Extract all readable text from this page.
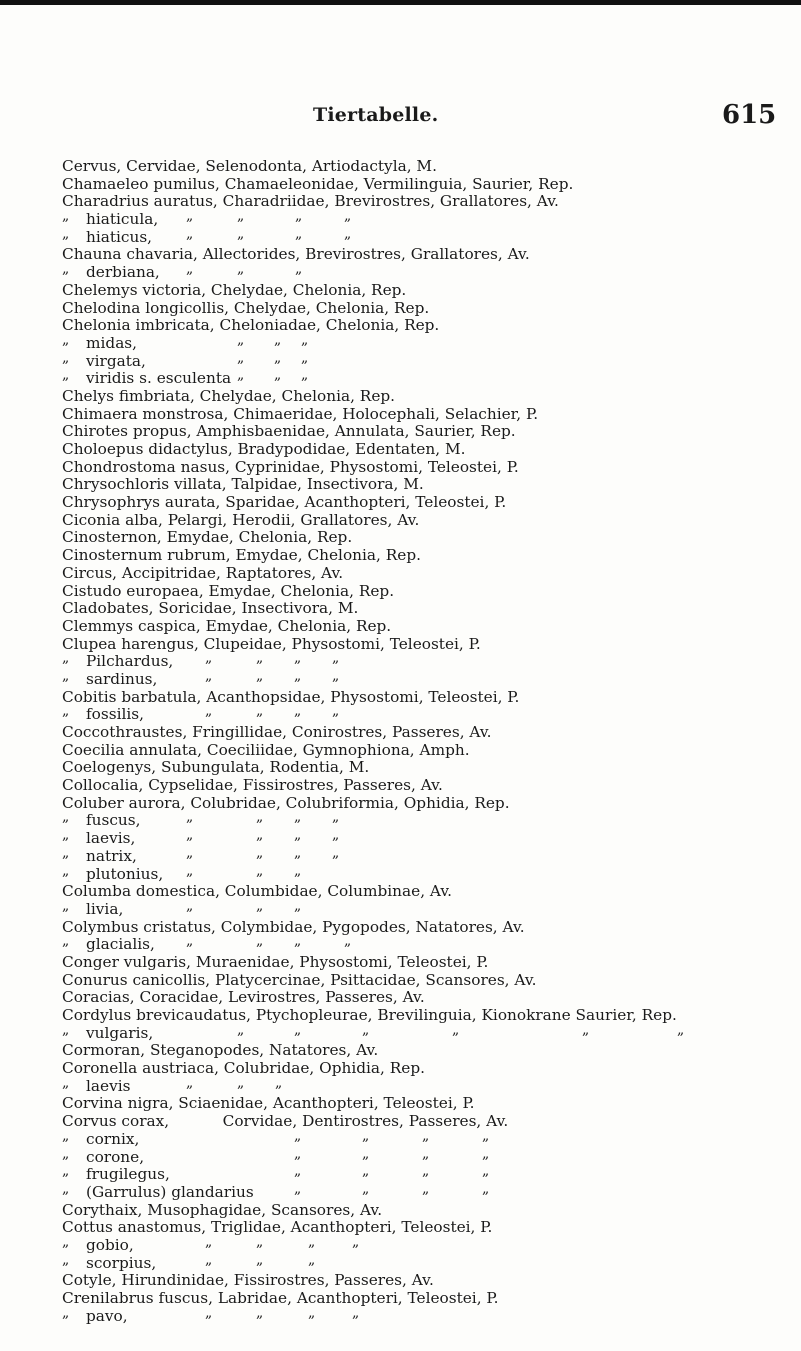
Tiertabelle.	615
Cervus, Cervidae, Selenodonta, Artiodactyla, M.
Chamaeleo pumilus, Chamaeleonidae, Vermilinguia, Saurier, Rep.
Charadrius auratus, Charadriidae, Brevirostres, Grallatores, Av.
„ hiaticula, „	„	„	„
„ hiaticus, „	„	„	„
Chauna chavaria, Allectorides, Brevirostres, Grallatores, Av.
„ derbiana, „	„	„
Chelemys victoria, Chelydae, Chelonia, Rep.
Chelodina longicollis, Chelydae, Chelonia, Rep.
Chelonia imbricata, Cheloniadae, Chelonia, Rep.
„ midas,	„ „ „
„ virgata,	„ „ „
„ viridis s. esculenta „ „ „
Chelys fimbriata, Chelydae, Chelonia, Rep.
Chimaera monstrosa, Chimaeridae, Holocephali, Selachier, P.
Chirotes propus, Amphisbaenidae, Annulata, Saurier, Rep.
Choloepus didactylus, Bradypodidae, Edentaten, M.
Chondrostoma nasus, Cyprinidae, Physostomi, Teleostei, P.
Chrysochloris villata, Talpidae, Insectivora, M.
Chrysophrys aurata, Sparidae, Acanthopteri, Teleostei, P.
Ciconia alba, Pelargi, Herodii, Grallatores, Av.
Cinosternon, Emydae, Chelonia, Rep.
Cinosternum rubrum, Emydae, Chelonia, Rep.
Circus, Accipitridae, Raptatores, Av.
Cistudo europaea, Emydae, Chelonia, Rep.
Cladobates, Soricidae, Insectivora, M.
Clemmys caspica, Emydae, Chelonia, Rep.
Clupea harengus, Clupeidae, Physostomi, Teleostei, P.
„ Pilchardus, „	„ „ „
„ sardinus,	„	„ „ „
Cobitis barbatula, Acanthopsidae, Physostomi, Teleostei, P.
„ fossilis,	„	„ „ „
Coccothraustes, Fringillidae, Conirostres, Passeres, Av.
Coecilia annulata, Coeciliidae, Gymnophiona, Amph.
Coelogenys, Subungulata, Rodentia, M.
Collocalia, Cypselidae, Fissirostres, Passeres, Av.
Coluber aurora, Colubridae, Colubriformia, Ophidia, Rep.
„ fuscus,	„	„ „ „
„ laevis,	„	„ „ „
„ natrix,	„	„ „ „
„ plutonius, „	„ „
Columba domestica, Columbidae, Columbinae, Av.
„ livia,	„	„ „
Colymbus cristatus, Colymbidae, Pygopodes, Natatores, Av.
„ glacialis, „	„ „	„
Conger vulgaris, Muraenidae, Physostomi, Teleostei, P.
Conurus canicollis, Platycercinae, Psittacidae, Scansores, Av.
Coracias, Coracidae, Levirostres, Passeres, Av.
Cordylus brevicaudatus, Ptychopleurae, Brevilinguia, Kionokrane Saurier, Rep.
„ vulgaris,	„	„	„	„	„	„
Cormoran, Steganopodes, Natatores, Av.
Coronella austriaca, Colubridae, Ophidia, Rep.
„ laevis	„	„ „
Corvina nigra, Sciaenidae, Acanthopteri, Teleostei, P.
Corvus corax,           Corvidae, Dentirostres, Passeres, Av.
„ cornix,	„	„	„	„
„ corone,	„	„	„	„
„ frugilegus,	„	„	„	„
„ (Garrulus) glandarius	„	„	„	„
Corythaix, Musophagidae, Scansores, Av.
Cottus anastomus, Triglidae, Acanthopteri, Teleostei, P.
„ gobio,	„	„	„	„
„ scorpius,	„	„	„
Cotyle, Hirundinidae, Fissirostres, Passeres, Av.
Crenilabrus fuscus, Labridae, Acanthopteri, Teleostei, P.
„ pavo,	„	„	„	„
